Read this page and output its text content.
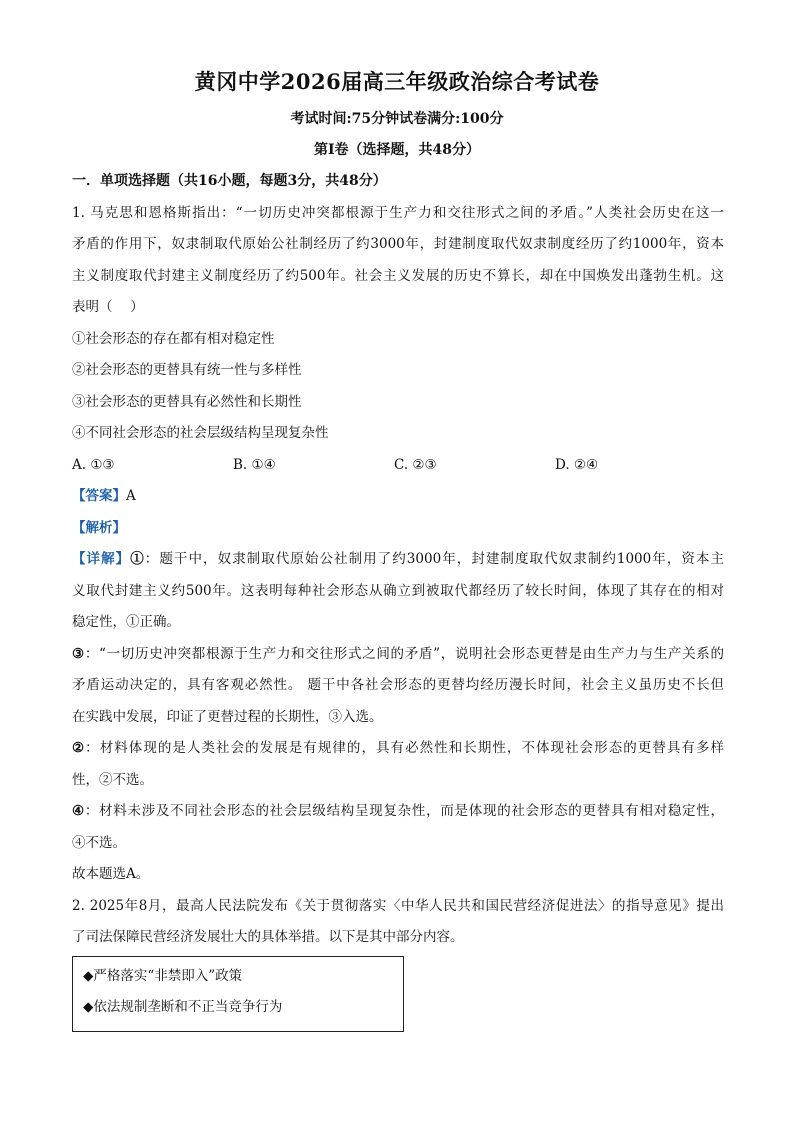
黄冈中学2026届高三年级政治综合考试卷
考试时间:75分钟试卷满分:100分
第Ⅰ卷（选择题，共48分）
一．单项选择题（共16小题，每题3分，共48分）
1. 马克思和恩格斯指出：“一切历史冲突都根源于生产力和交往形式之间的矛盾。”人类社会历史在这一
矛盾的作用下，奴隶制取代原始公社制经历了约3000年，封建制度取代奴隶制度经历了约1000年，资本
主义制度取代封建主义制度经历了约500年。社会主义发展的历史不算长，却在中国焕发出蓬勃生机。这
表明（　 ）
①社会形态的存在都有相对稳定性
②社会形态的更替具有统一性与多样性
③社会形态的更替具有必然性和长期性
④不同社会形态的社会层级结构呈现复杂性
A. ①③	B. ①④	C. ②③	D. ②④
【答案】A
【解析】
【详解】①：题干中，奴隶制取代原始公社制用了约3000年，封建制度取代奴隶制约1000年，资本主
义取代封建主义约500年。这表明每种社会形态从确立到被取代都经历了较长时间，体现了其存在的相对
稳定性，①正确。
③：“一切历史冲突都根源于生产力和交往形式之间的矛盾”，说明社会形态更替是由生产力与生产关系的
矛盾运动决定的，具有客观必然性。 题干中各社会形态的更替均经历漫长时间，社会主义虽历史不长但
在实践中发展，印证了更替过程的长期性，③入选。
②：材料体现的是人类社会的发展是有规律的，具有必然性和长期性，不体现社会形态的更替具有多样
性，②不选。
④：材料未涉及不同社会形态的社会层级结构呈现复杂性，而是体现的社会形态的更替具有相对稳定性，
④不选。
故本题选A。
2. 2025年8月，最高人民法院发布《关于贯彻落实〈中华人民共和国民营经济促进法〉的指导意见》提出
了司法保障民营经济发展壮大的具体举措。以下是其中部分内容。
◆严格落实“非禁即入”政策
◆依法规制垄断和不正当竞争行为
